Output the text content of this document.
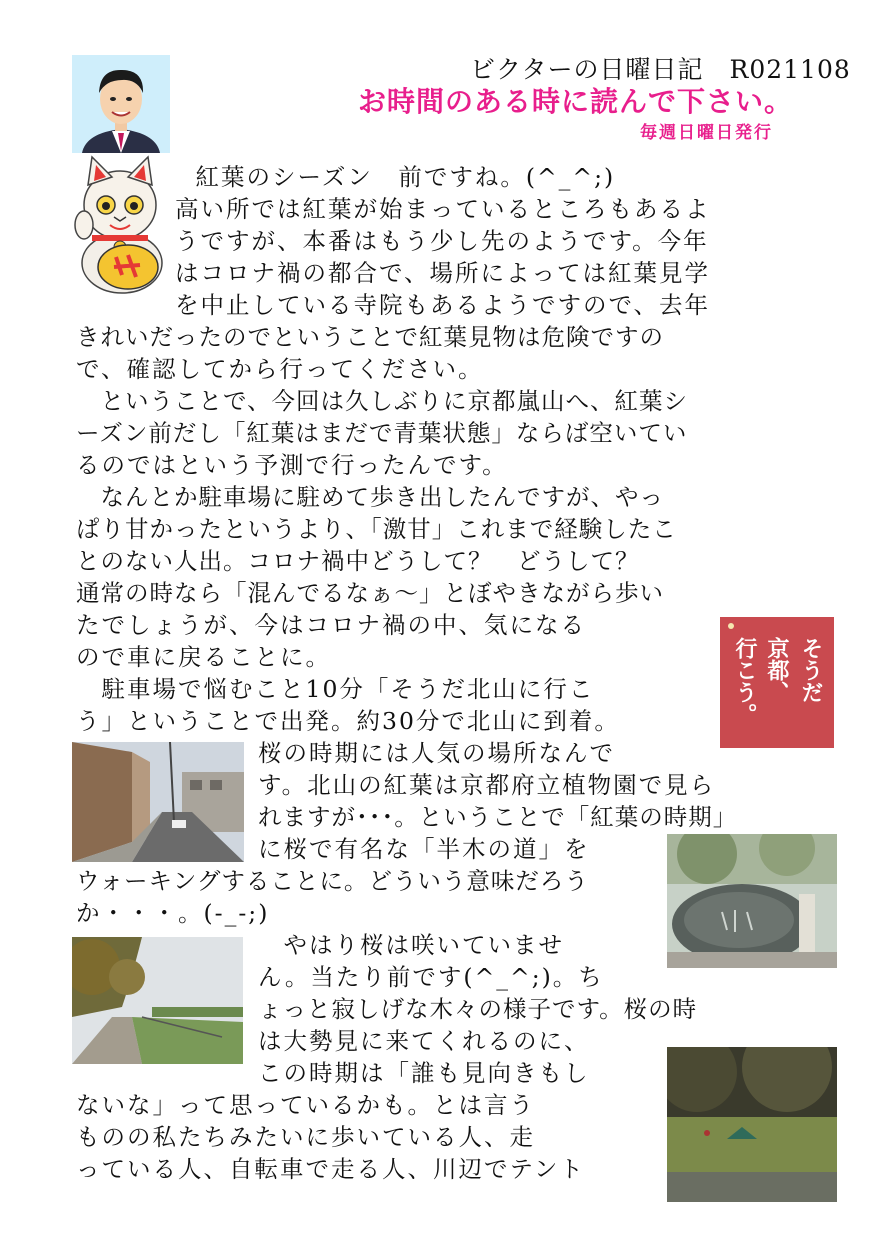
ビクターの日曜日記　R021108
お時間のある時に読んで下さい。
毎週日曜日発行
そうだ
京都、
行こう。
　紅葉のシーズン　前ですね。(^_^;)
高い所では紅葉が始まっているところもあるよ
うですが、本番はもう少し先のようです。今年
はコロナ禍の都合で、場所によっては紅葉見学
を中止している寺院もあるようですので、去年
きれいだったのでということで紅葉見物は危険ですの
で、確認してから行ってください。
　ということで、今回は久しぶりに京都嵐山へ、紅葉シ
ーズン前だし「紅葉はまだで青葉状態」ならば空いてい
るのではという予測で行ったんです。
　なんとか駐車場に駐めて歩き出したんですが、やっ
ぱり甘かったというより、「激甘」これまで経験したこ
とのない人出。コロナ禍中どうして？　どうして？
通常の時なら「混んでるなぁ～」とぼやきながら歩い
たでしょうが、今はコロナ禍の中、気になる
ので車に戻ることに。
　駐車場で悩むこと10分「そうだ北山に行こ
う」ということで出発。約30分で北山に到着。
桜の時期には人気の場所なんで
す。北山の紅葉は京都府立植物園で見ら
れますが･･･。ということで「紅葉の時期」
に桜で有名な「半木の道」を
ウォーキングすることに。どういう意味だろう
か・・・。(-_-;)
　やはり桜は咲いていませ
ん。当たり前です(^_^;)。ち
ょっと寂しげな木々の様子です。桜の時
は大勢見に来てくれるのに、
この時期は「誰も見向きもし
ないな」って思っているかも。とは言う
ものの私たちみたいに歩いている人、走
っている人、自転車で走る人、川辺でテント
